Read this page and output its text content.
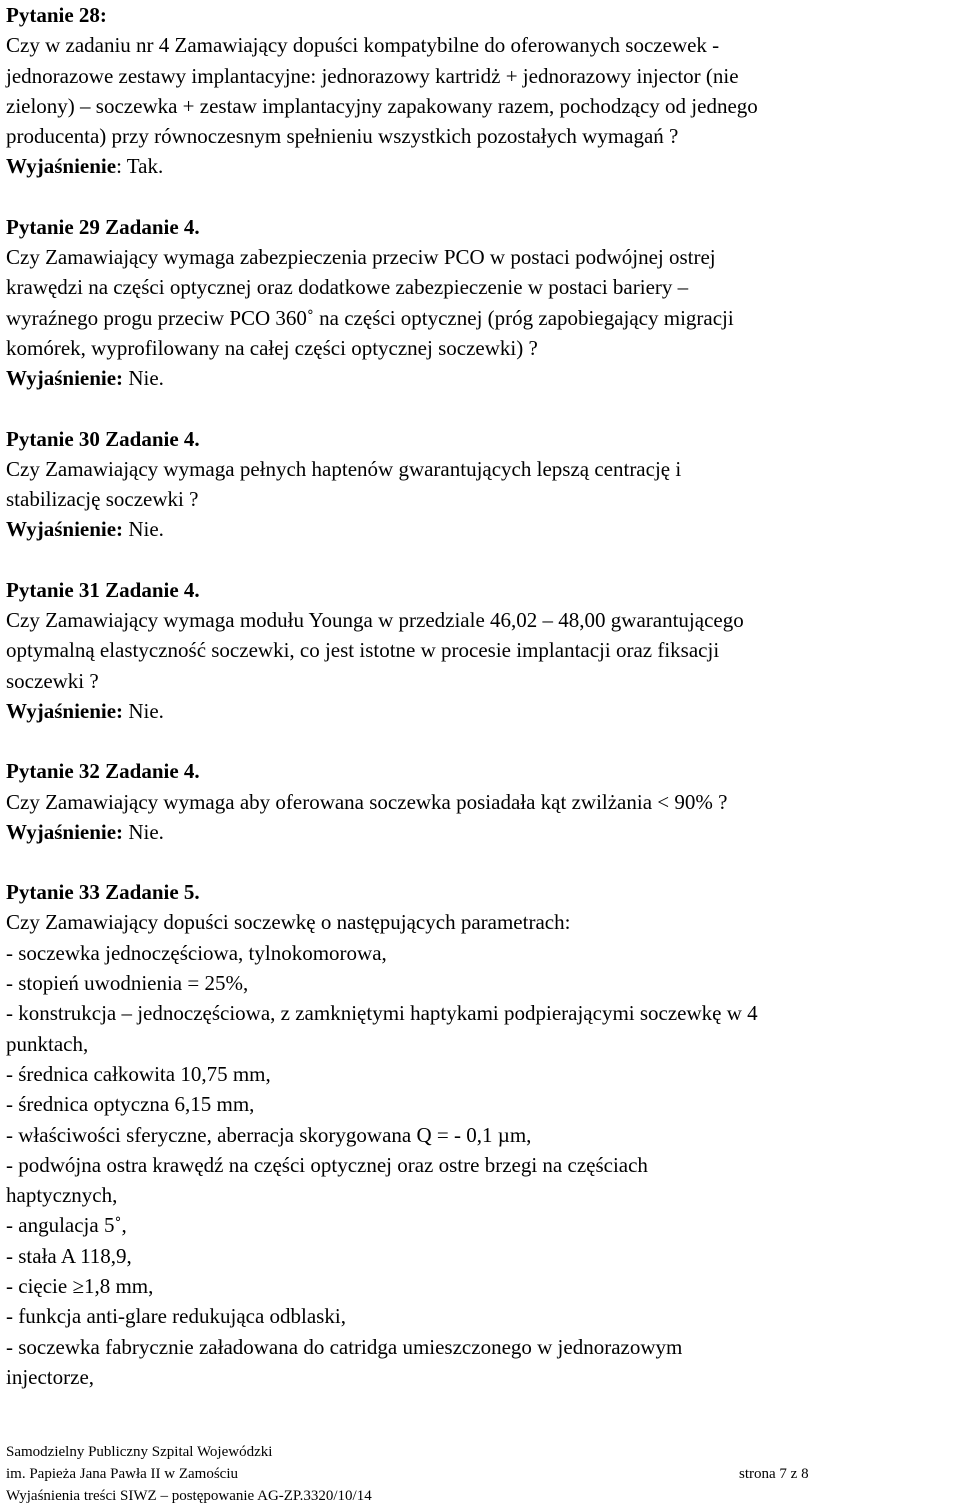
Pytanie 28:

Czy w zadaniu nr 4 Zamawiający dopuści kompatybilne do oferowanych soczewek -

jednorazowe zestawy implantacyjne: jednorazowy kartridż + jednorazowy injector (nie

zielony) – soczewka + zestaw implantacyjny zapakowany razem, pochodzący od jednego

producenta) przy równoczesnym spełnieniu wszystkich pozostałych wymagań ?

Wyjaśnienie: Tak.

Pytanie 29 Zadanie 4.

Czy Zamawiający wymaga zabezpieczenia przeciw PCO w postaci podwójnej ostrej

krawędzi na części optycznej oraz dodatkowe zabezpieczenie w postaci bariery –

wyraźnego progu przeciw PCO 360˚ na części optycznej (próg zapobiegający migracji

komórek, wyprofilowany na całej części optycznej soczewki) ?

Wyjaśnienie: Nie.

Pytanie 30 Zadanie 4.

Czy Zamawiający wymaga pełnych haptenów gwarantujących lepszą centrację i

stabilizację soczewki ?

Wyjaśnienie: Nie.

Pytanie 31 Zadanie 4.

Czy Zamawiający wymaga modułu Younga w przedziale 46,02 – 48,00 gwarantującego

optymalną elastyczność soczewki, co jest istotne w procesie implantacji oraz fiksacji

soczewki ?

Wyjaśnienie: Nie.

Pytanie 32 Zadanie 4.

Czy Zamawiający wymaga aby oferowana soczewka posiadała kąt zwilżania < 90% ?

Wyjaśnienie: Nie.

Pytanie 33 Zadanie 5.

Czy Zamawiający dopuści soczewkę o następujących parametrach:

- soczewka jednoczęściowa, tylnokomorowa,

- stopień uwodnienia = 25%,

- konstrukcja – jednoczęściowa, z zamkniętymi haptykami podpierającymi soczewkę w 4

punktach,

- średnica całkowita 10,75 mm,

- średnica optyczna 6,15 mm,

- właściwości sferyczne, aberracja skorygowana Q = - 0,1 µm,

- podwójna ostra krawędź na części optycznej oraz ostre brzegi na częściach

haptycznych,

- angulacja 5˚,

- stała A 118,9,

- cięcie ≥1,8 mm,

- funkcja anti-glare redukująca odblaski,

- soczewka fabrycznie załadowana do catridga umieszczonego w jednorazowym

injectorze,

Samodzielny Publiczny Szpital Wojewódzki
im. Papieża Jana Pawła II w Zamościu	strona 7 z 8
Wyjaśnienia treści SIWZ – postępowanie AG-ZP.3320/10/14
